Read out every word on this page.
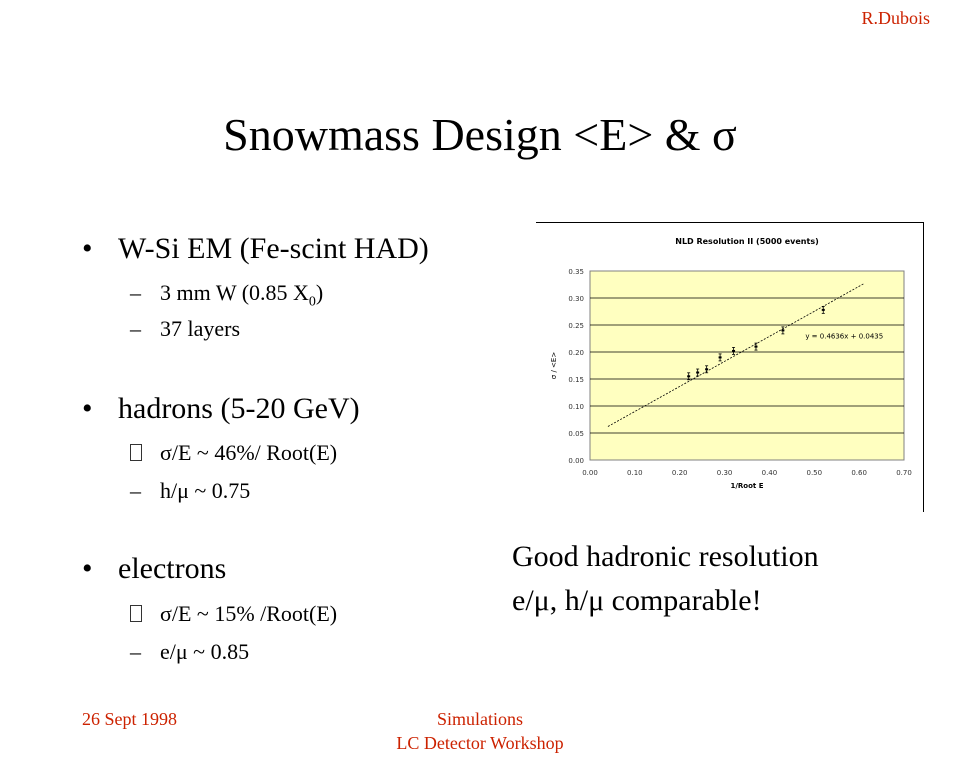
R.Dubois
Snowmass Design <E> & σ
• W-Si EM (Fe-scint HAD)
– 3 mm W (0.85 $X_0$)
– 37 layers
• hadrons (5-20 GeV)
σ/E ~ 46%/ Root(E)
– h/μ ~ 0.75
• electrons
σ/E ~ 15% /Root(E)
– e/μ ~ 0.85
NLD Resolution II (5000 events)
0.00
0.05
0.10
0.15
0.20
0.25
0.30
0.35
0.00	0.10	0.20	0.30	0.40	0.50	0.60	0.70
1/Root E
σ / <E>
y = 0.4636x + 0.0435
Good hadronic resolution
e/μ, h/μ comparable!
26 Sept 1998	Simulations
LC Detector Workshop
